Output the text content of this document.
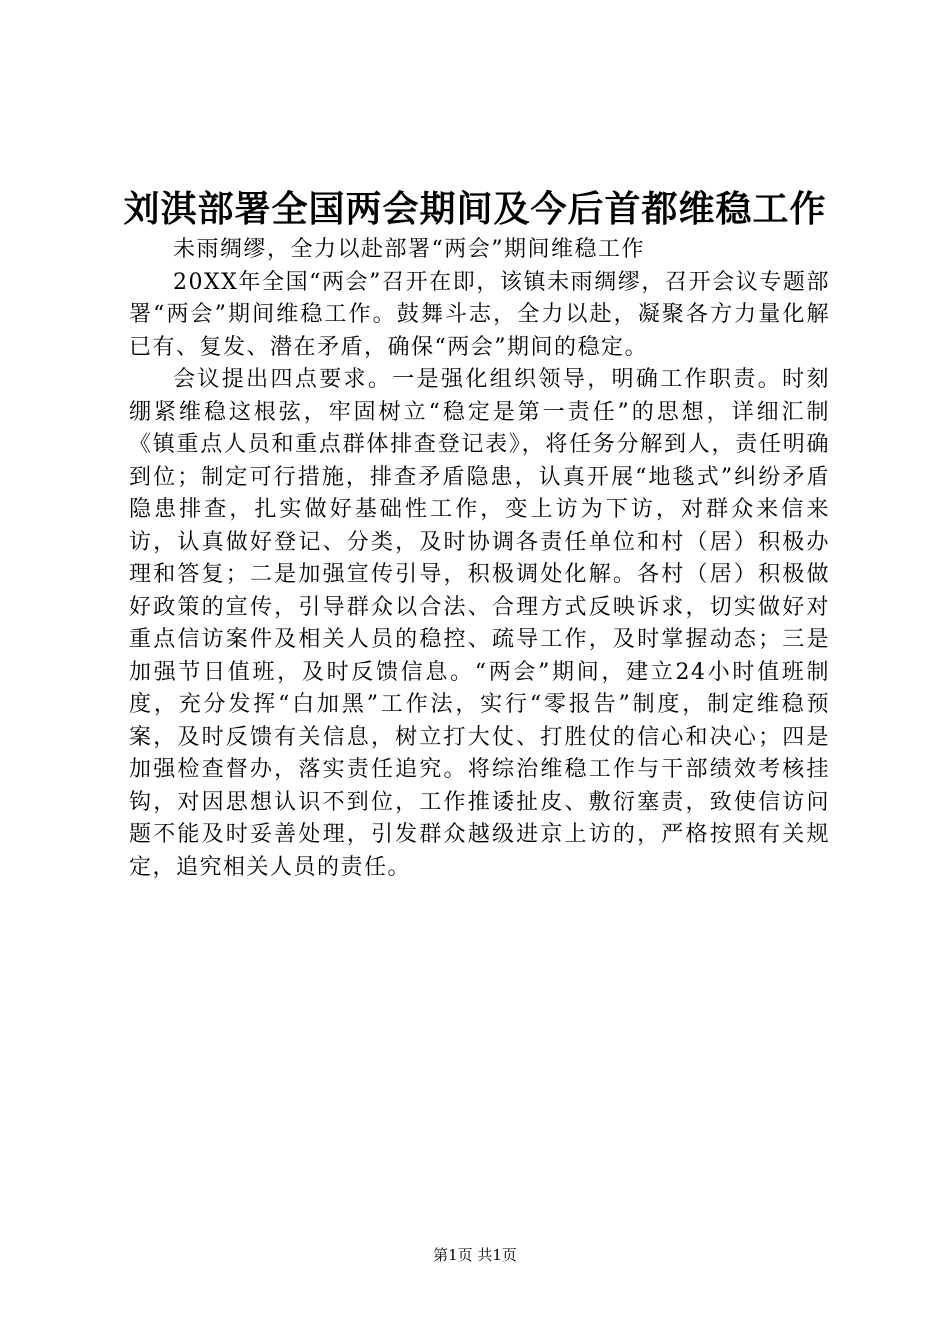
刘淇部署全国两会期间及今后首都维稳工作

未雨绸缪，全力以赴部署“两会”期间维稳工作

20XX年全国“两会”召开在即，该镇未雨绸缪，召开会议专题部署“两会”期间维稳工作。鼓舞斗志，全力以赴，凝聚各方力量化解已有、复发、潜在矛盾，确保“两会”期间的稳定。

会议提出四点要求。一是强化组织领导，明确工作职责。时刻绷紧维稳这根弦，牢固树立“稳定是第一责任”的思想，详细汇制《镇重点人员和重点群体排查登记表》，将任务分解到人，责任明确到位；制定可行措施，排查矛盾隐患，认真开展“地毯式”纠纷矛盾隐患排查，扎实做好基础性工作，变上访为下访，对群众来信来访，认真做好登记、分类，及时协调各责任单位和村（居）积极办理和答复；二是加强宣传引导，积极调处化解。各村（居）积极做好政策的宣传，引导群众以合法、合理方式反映诉求，切实做好对重点信访案件及相关人员的稳控、疏导工作，及时掌握动态；三是加强节日值班，及时反馈信息。“两会”期间，建立24小时值班制度，充分发挥“白加黑”工作法，实行“零报告”制度，制定维稳预案，及时反馈有关信息，树立打大仗、打胜仗的信心和决心；四是加强检查督办，落实责任追究。将综治维稳工作与干部绩效考核挂钩，对因思想认识不到位，工作推诿扯皮、敷衍塞责，致使信访问题不能及时妥善处理，引发群众越级进京上访的，严格按照有关规定，追究相关人员的责任。

第1页 共1页
